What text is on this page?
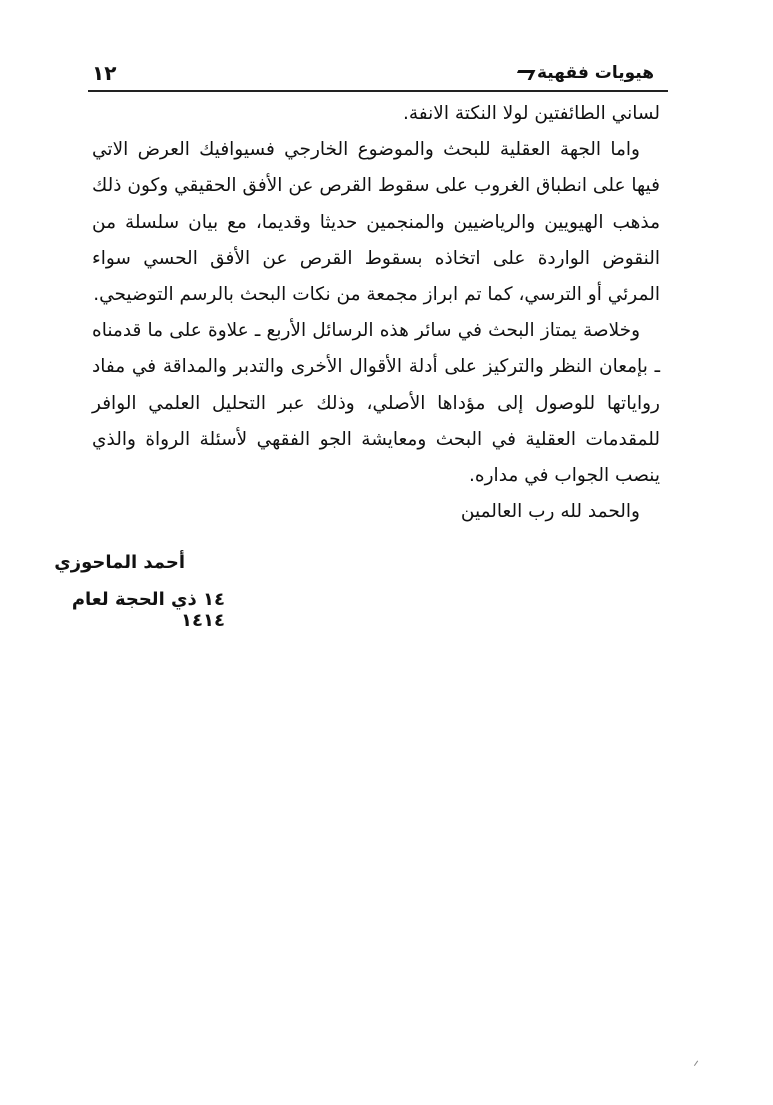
١٢	هيويات فقهية

لساني الطائفتين لولا النكتة الانفة.

واما الجهة العقلية للبحث والموضوع الخارجي فسيوافيك العرض الاتي فيها على انطباق الغروب على سقوط القرص عن الأفق الحقيقي وكون ذلك مذهب الهيويين والرياضيين والمنجمين حديثا وقديما، مع بيان سلسلة من النقوض الواردة على اتخاذه بسقوط القرص عن الأفق الحسي سواء المرئي أو الترسي، كما تم ابراز مجمعة من نكات البحث بالرسم التوضيحي.

وخلاصة يمتاز البحث في سائر هذه الرسائل الأربع ـ علاوة على ما قدمناه ـ بإمعان النظر والتركيز على أدلة الأقوال الأخرى والتدبر والمداقة في مفاد رواياتها للوصول إلى مؤداها الأصلي، وذلك عبر التحليل العلمي الوافر للمقدمات العقلية في البحث ومعايشة الجو الفقهي لأسئلة الرواة والذي ينصب الجواب في مداره.

والحمد لله رب العالمين

أحمد الماحوزي
١٤ ذي الحجة لعام ١٤١٤
